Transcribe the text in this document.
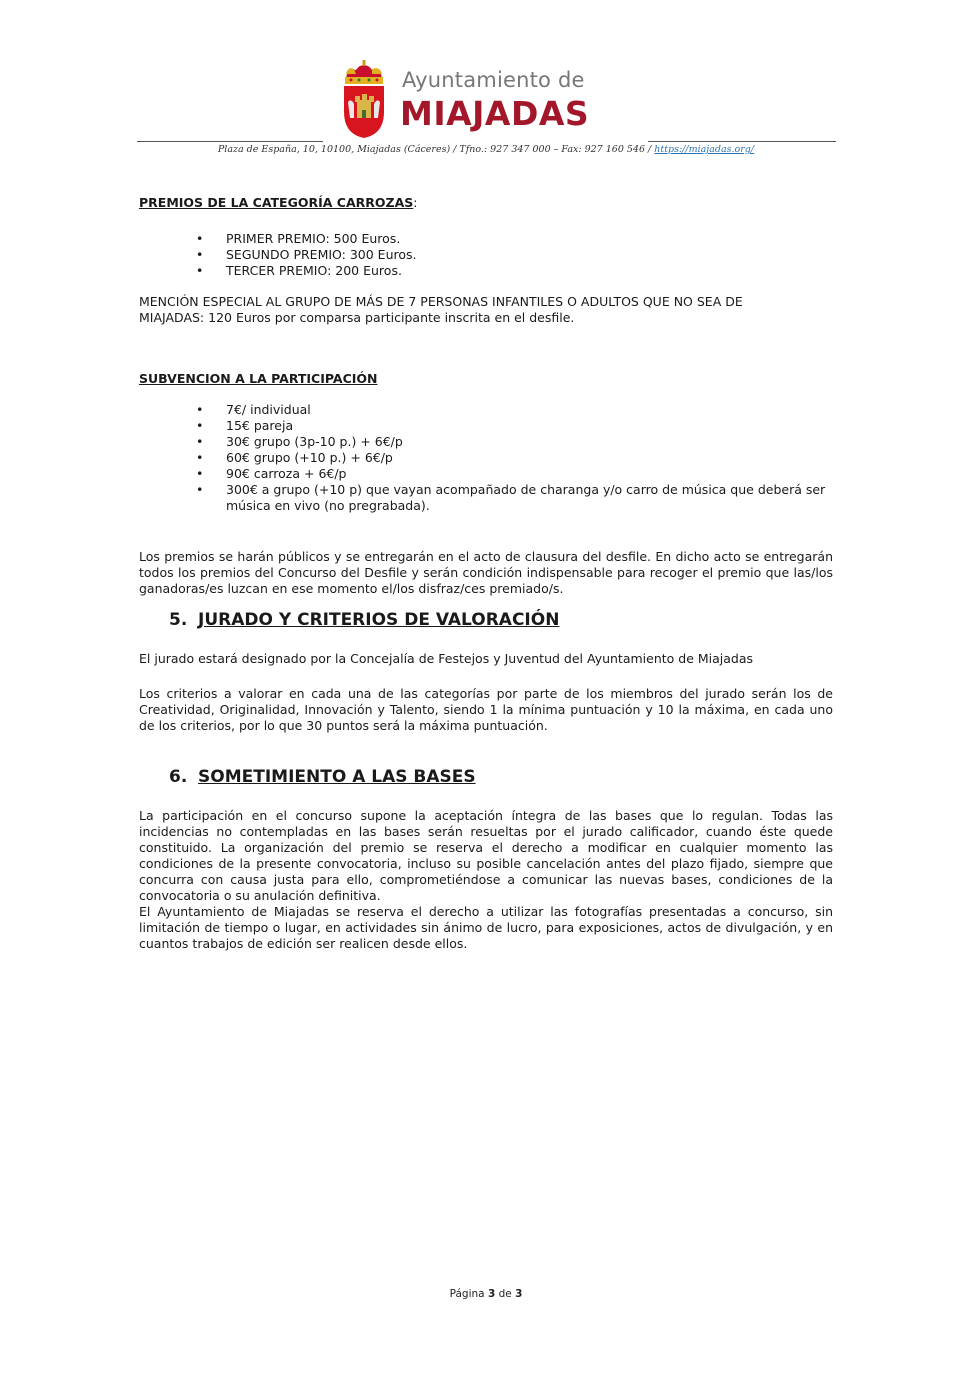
Ayuntamiento de
MIAJADAS
Plaza de España, 10, 10100, Miajadas (Cáceres) / Tfno.: 927 347 000 – Fax: 927 160 546 / https://miajadas.org/
PREMIOS DE LA CATEGORÍA CARROZAS:
• PRIMER PREMIO: 500 Euros.
• SEGUNDO PREMIO: 300 Euros.
• TERCER PREMIO: 200 Euros.
MENCIÓN ESPECIAL AL GRUPO DE MÁS DE 7 PERSONAS INFANTILES O ADULTOS QUE NO SEA DE MIAJADAS: 120 Euros por comparsa participante inscrita en el desfile.
SUBVENCION A LA PARTICIPACIÓN
• 7€/ individual
• 15€ pareja
• 30€ grupo (3p-10 p.) + 6€/p
• 60€ grupo (+10 p.) + 6€/p
• 90€ carroza + 6€/p
• 300€ a grupo (+10 p) que vayan acompañado de charanga y/o carro de música que deberá ser música en vivo (no pregrabada).
Los premios se harán públicos y se entregarán en el acto de clausura del desfile. En dicho acto se entregarán todos los premios del Concurso del Desfile y serán condición indispensable para recoger el premio que las/los ganadoras/es luzcan en ese momento el/los disfraz/ces premiado/s.
5. JURADO Y CRITERIOS DE VALORACIÓN
El jurado estará designado por la Concejalía de Festejos y Juventud del Ayuntamiento de Miajadas
Los criterios a valorar en cada una de las categorías por parte de los miembros del jurado serán los de Creatividad, Originalidad, Innovación y Talento, siendo 1 la mínima puntuación y 10 la máxima, en cada uno de los criterios, por lo que 30 puntos será la máxima puntuación.
6. SOMETIMIENTO A LAS BASES
La participación en el concurso supone la aceptación íntegra de las bases que lo regulan. Todas las incidencias no contempladas en las bases serán resueltas por el jurado calificador, cuando éste quede constituido. La organización del premio se reserva el derecho a modificar en cualquier momento las condiciones de la presente convocatoria, incluso su posible cancelación antes del plazo fijado, siempre que concurra con causa justa para ello, comprometiéndose a comunicar las nuevas bases, condiciones de la convocatoria o su anulación definitiva.
El Ayuntamiento de Miajadas se reserva el derecho a utilizar las fotografías presentadas a concurso, sin limitación de tiempo o lugar, en actividades sin ánimo de lucro, para exposiciones, actos de divulgación, y en cuantos trabajos de edición ser realicen desde ellos.
Página 3 de 3
